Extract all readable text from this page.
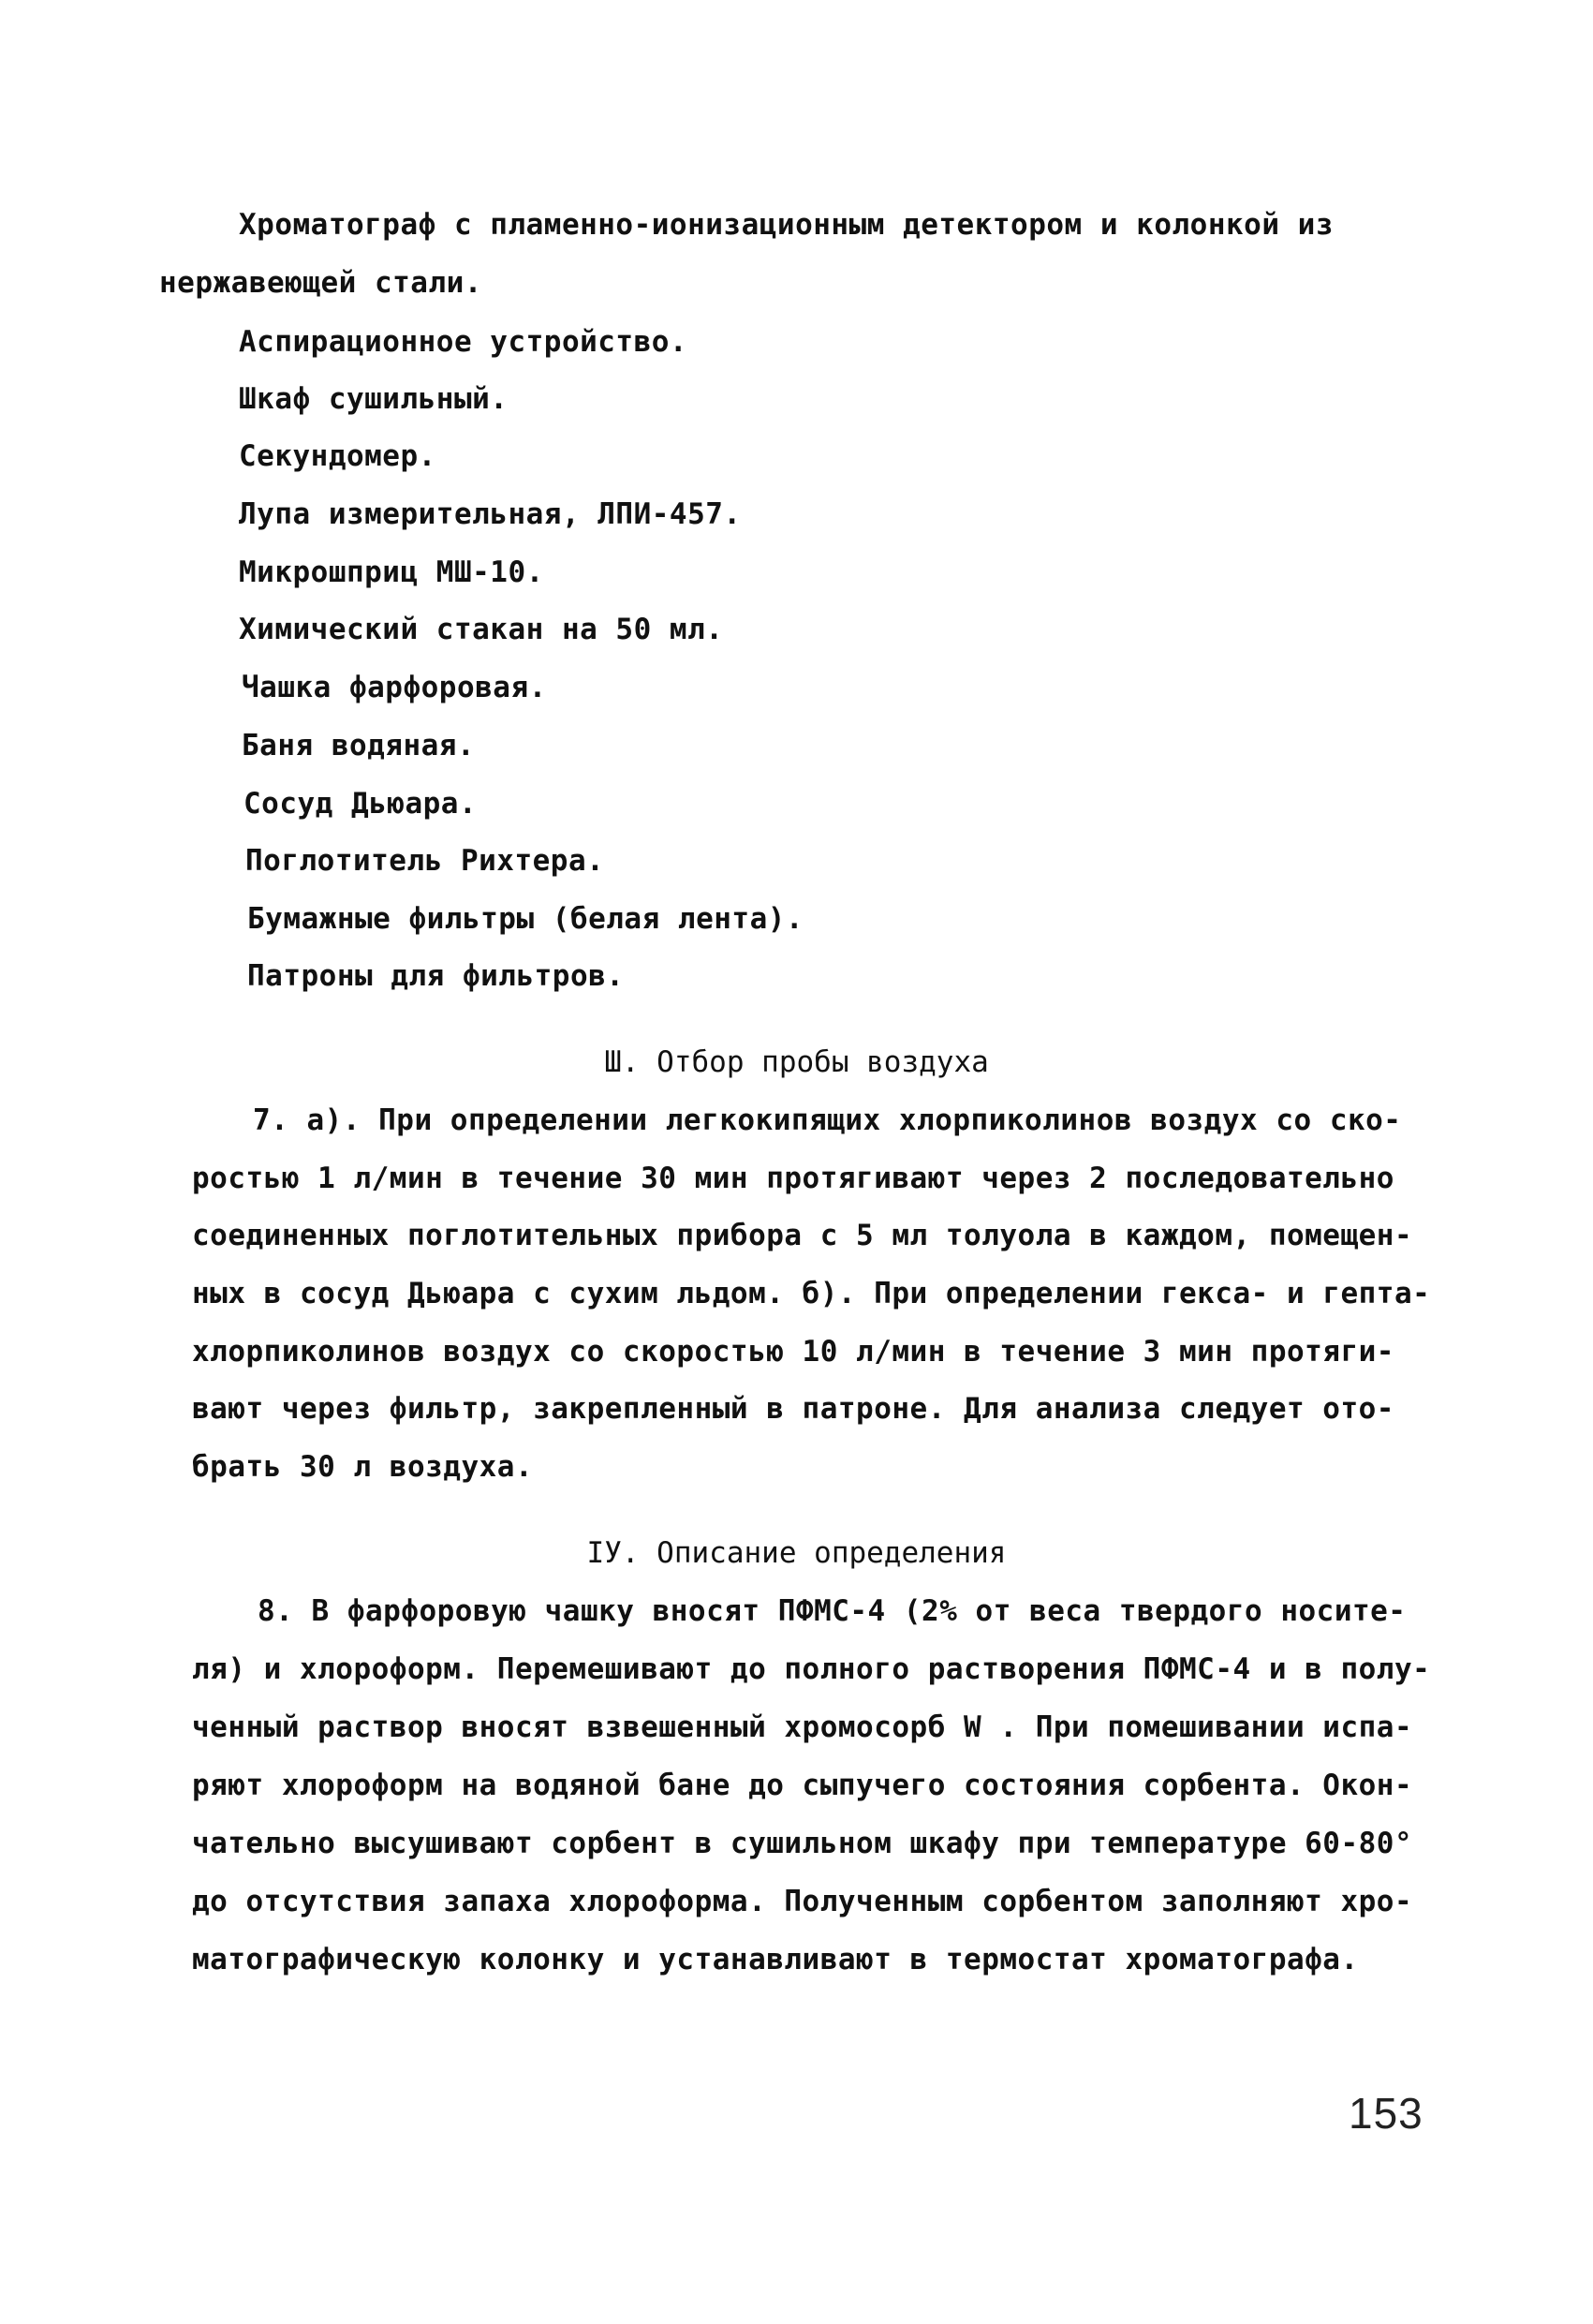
Хроматограф с пламенно-ионизационным детектором и колонкой из

нержавеющей стали.

Аспирационное устройство.

Шкаф сушильный.

Секундомер.

Лупа измерительная, ЛПИ-457.

Микрошприц МШ-10.

Химический стакан на 50 мл.

Чашка фарфоровая.

Баня водяная.

Сосуд Дьюара.

Поглотитель Рихтера.

Бумажные фильтры (белая лента).

Патроны для фильтров.

Ш. Отбор пробы воздуха

7. а). При определении легкокипящих хлорпиколинов воздух со ско-

ростью 1 л/мин в течение 30 мин протягивают через 2 последовательно

соединенных поглотительных прибора с 5 мл толуола в каждом, помещен-

ных в сосуд Дьюара с сухим льдом. б). При определении гекса- и гепта-

хлорпиколинов воздух со скоростью 10 л/мин в течение 3 мин протяги-

вают через фильтр, закрепленный в патроне. Для анализа следует ото-

брать 30 л воздуха.

IУ. Описание определения

8. В фарфоровую чашку вносят ПФМС-4 (2% от веса твердого носите-

ля) и хлороформ. Перемешивают до полного растворения ПФМС-4 и в полу-

ченный раствор вносят взвешенный хромосорб W . При помешивании испа-

ряют хлороформ на водяной бане до сыпучего состояния сорбента. Окон-

чательно высушивают сорбент в сушильном шкафу при температуре 60-80°

до отсутствия запаха хлороформа. Полученным сорбентом заполняют хро-

матографическую колонку и устанавливают в термостат хроматографа.

153
